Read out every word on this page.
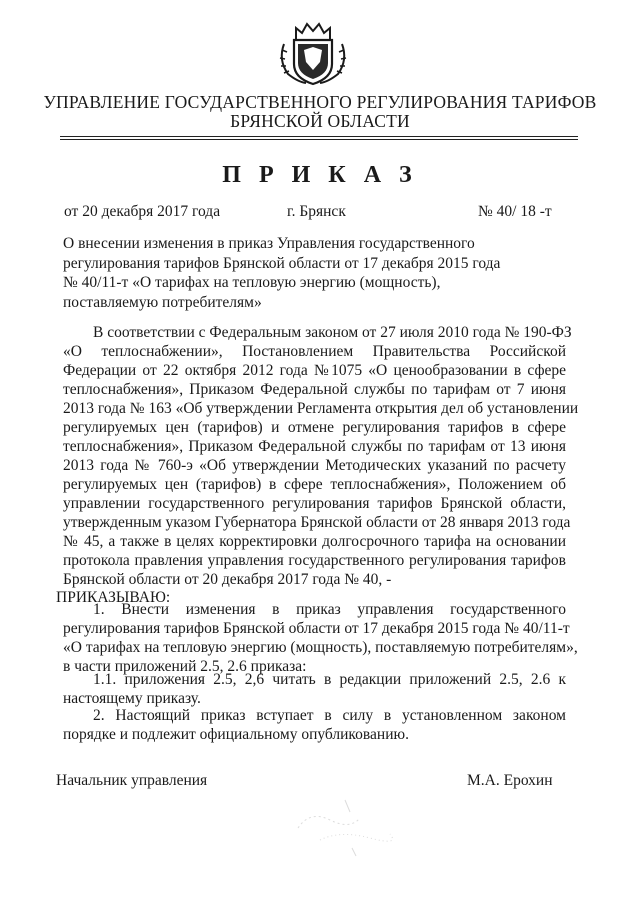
УПРАВЛЕНИЕ ГОСУДАРСТВЕННОГО РЕГУЛИРОВАНИЯ ТАРИФОВ
БРЯНСКОЙ ОБЛАСТИ
П Р И К А З
от 20 декабря 2017 года	г. Брянск	№ 40/ 18 -т
О внесении изменения в приказ Управления государственного
регулирования тарифов Брянской области от 17 декабря 2015 года
№ 40/11-т «О тарифах на тепловую энергию (мощность),
поставляемую потребителям»
В соответствии с Федеральным законом от 27 июля 2010 года № 190-ФЗ
«О теплоснабжении», Постановлением Правительства Российской
Федерации от 22 октября 2012 года №1075 «О ценообразовании в сфере
теплоснабжения», Приказом Федеральной службы по тарифам от 7 июня
2013 года № 163 «Об утверждении Регламента открытия дел об установлении
регулируемых цен (тарифов) и отмене регулирования тарифов в сфере
теплоснабжения», Приказом Федеральной службы по тарифам от 13 июня
2013 года № 760-э «Об утверждении Методических указаний по расчету
регулируемых цен (тарифов) в сфере теплоснабжения», Положением об
управлении государственного регулирования тарифов Брянской области,
утвержденным указом Губернатора Брянской области от 28 января 2013 года
№ 45, а также в целях корректировки долгосрочного тарифа на основании
протокола правления управления государственного регулирования тарифов
Брянской области от 20 декабря 2017 года № 40, -
ПРИКАЗЫВАЮ:
1. Внести изменения в приказ управления государственного
регулирования тарифов Брянской области от 17 декабря 2015 года № 40/11-т
«О тарифах на тепловую энергию (мощность), поставляемую потребителям»,
в части приложений 2.5, 2.6 приказа:
1.1. приложения 2.5, 2,6 читать в редакции приложений 2.5, 2.6 к
настоящему приказу.
2. Настоящий приказ вступает в силу в установленном законом
порядке и подлежит официальному опубликованию.
Начальник управления	М.А. Ерохин
